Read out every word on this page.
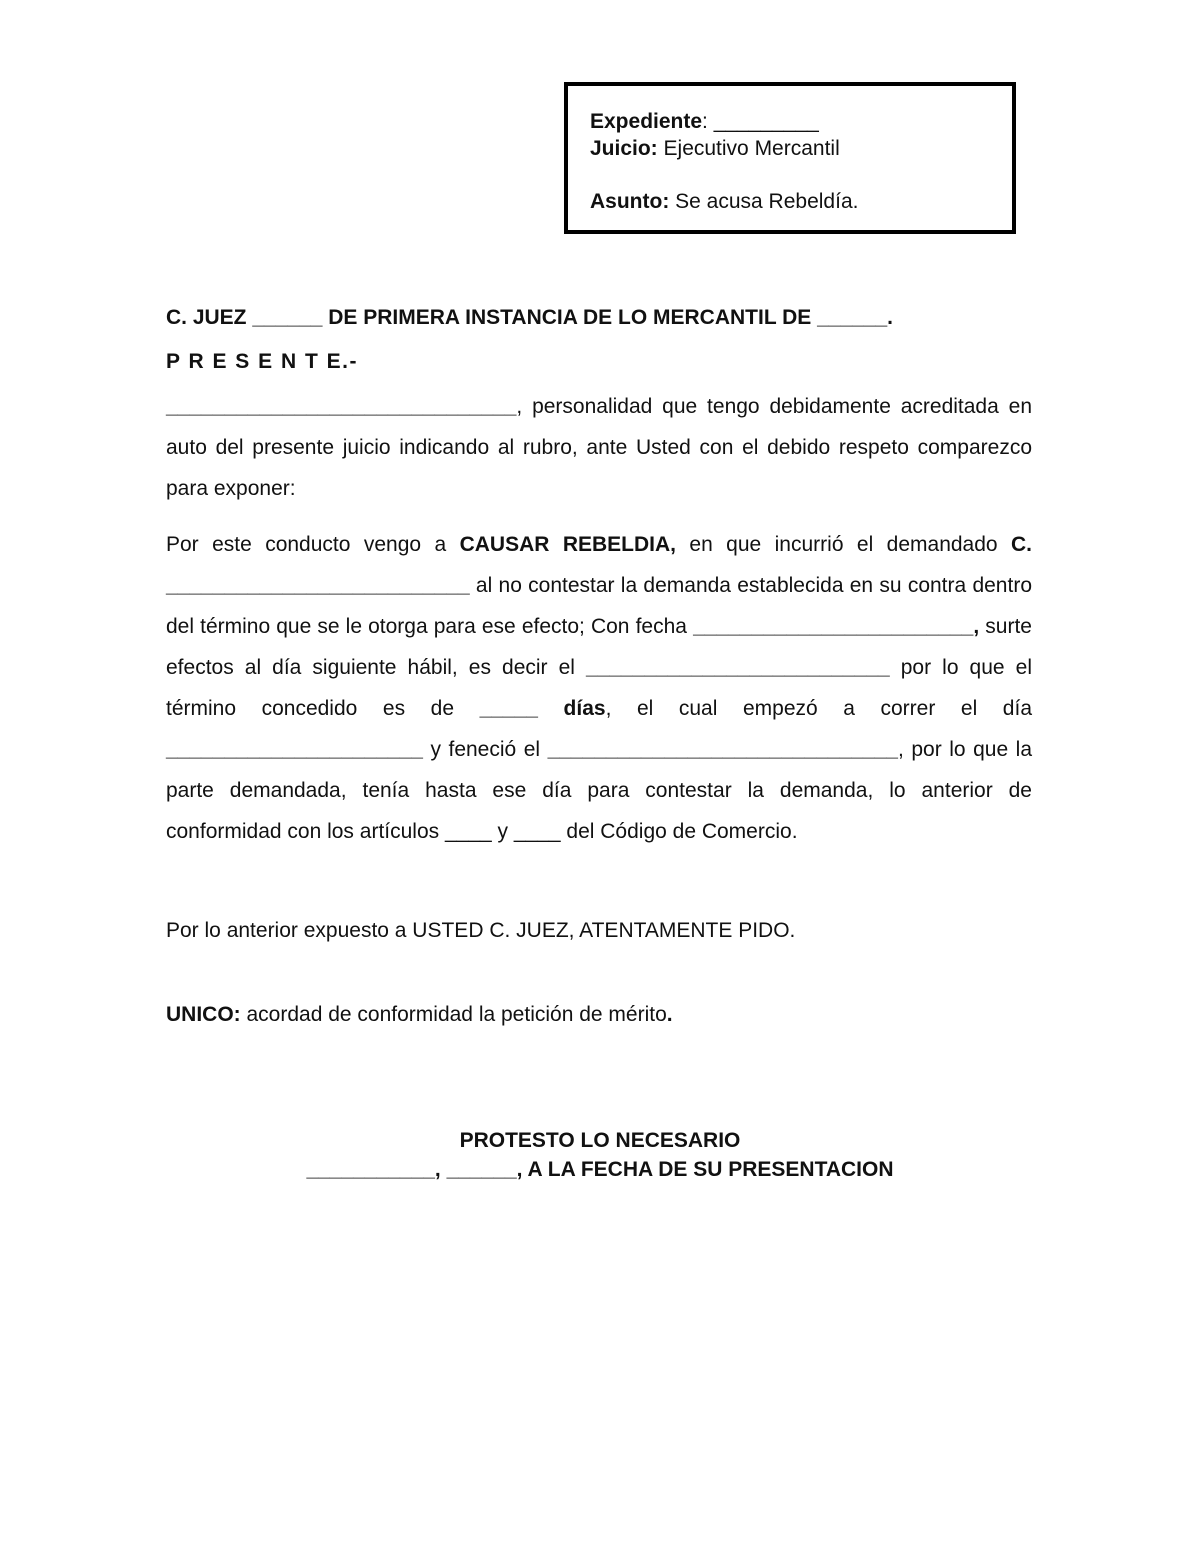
Expediente: _________
Juicio: Ejecutivo Mercantil
Asunto: Se acusa Rebeldía.
C. JUEZ ______ DE PRIMERA INSTANCIA DE LO MERCANTIL DE ______.
P R E S E N T E.-

______________________________, personalidad que tengo debidamente acreditada en auto del presente juicio indicando al rubro, ante Usted con el debido respeto comparezco para exponer:

Por este conducto vengo a CAUSAR REBELDIA, en que incurrió el demandado C. __________________________ al no contestar la demanda establecida en su contra dentro del término que se le otorga para ese efecto; Con fecha ________________________, surte efectos al día siguiente hábil, es decir el __________________________ por lo que el término concedido es de _____ días, el cual empezó a correr el día ______________________ y feneció el ______________________________, por lo que la parte demandada, tenía hasta ese día para contestar la demanda, lo anterior de conformidad con los artículos ____ y ____ del Código de Comercio.

Por lo anterior expuesto a USTED C. JUEZ, ATENTAMENTE PIDO.
UNICO: acordad de conformidad la petición de mérito.
PROTESTO LO NECESARIO
___________, ______, A LA FECHA DE SU PRESENTACION
